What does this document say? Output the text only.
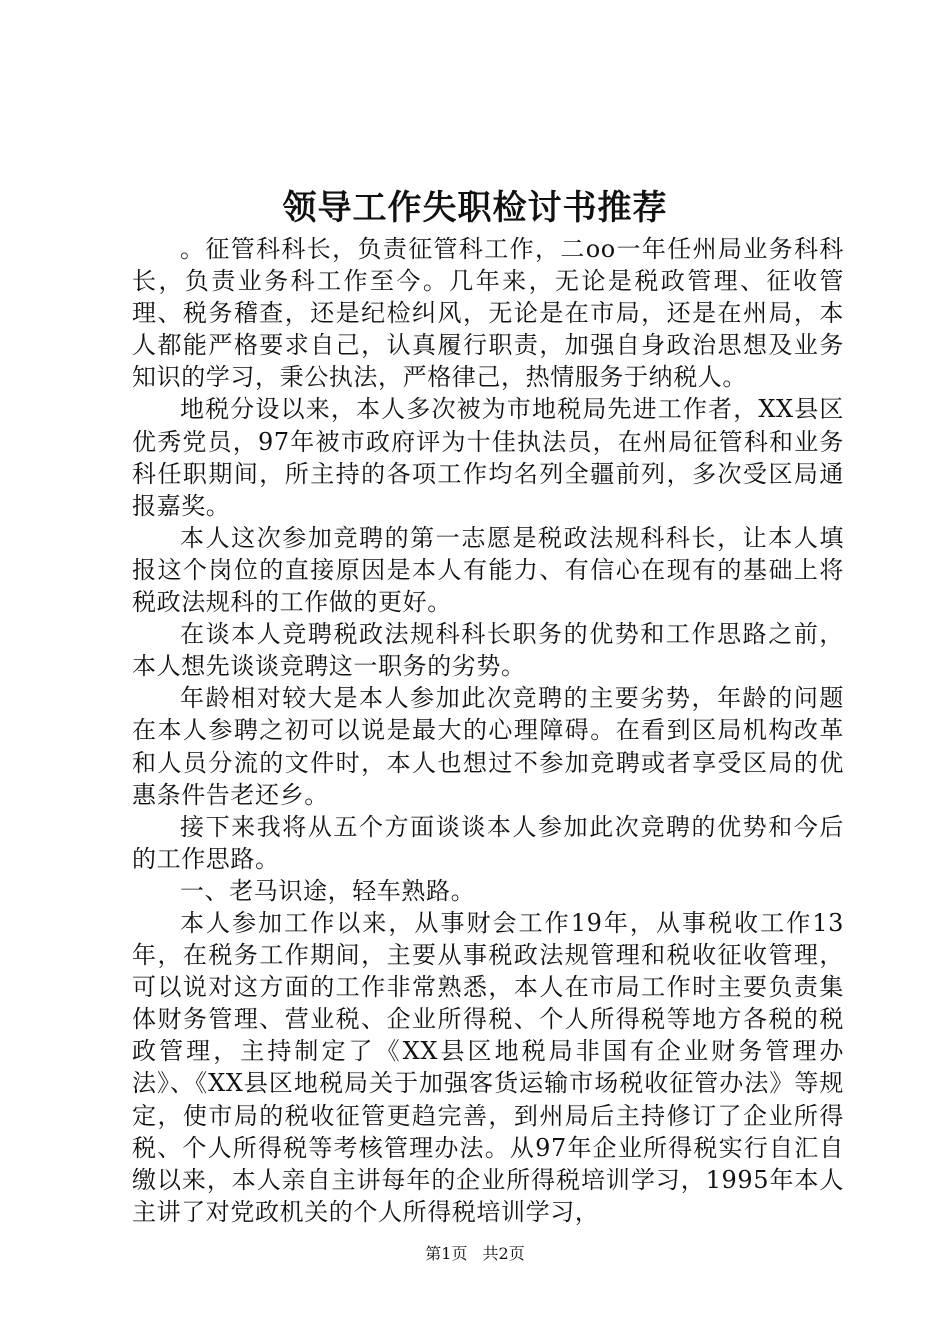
领导工作失职检讨书推荐

。征管科科长，负责征管科工作，二oo一年任州局业务科科长，负责业务科工作至今。几年来，无论是税政管理、征收管理、税务稽查，还是纪检纠风，无论是在市局，还是在州局，本人都能严格要求自己，认真履行职责，加强自身政治思想及业务知识的学习，秉公执法，严格律己，热情服务于纳税人。

地税分设以来，本人多次被为市地税局先进工作者，XX县区优秀党员，97年被市政府评为十佳执法员，在州局征管科和业务科任职期间，所主持的各项工作均名列全疆前列，多次受区局通报嘉奖。

本人这次参加竞聘的第一志愿是税政法规科科长，让本人填报这个岗位的直接原因是本人有能力、有信心在现有的基础上将税政法规科的工作做的更好。

在谈本人竞聘税政法规科科长职务的优势和工作思路之前，本人想先谈谈竞聘这一职务的劣势。

年龄相对较大是本人参加此次竞聘的主要劣势，年龄的问题在本人参聘之初可以说是最大的心理障碍。在看到区局机构改革和人员分流的文件时，本人也想过不参加竞聘或者享受区局的优惠条件告老还乡。

接下来我将从五个方面谈谈本人参加此次竞聘的优势和今后的工作思路。

一、老马识途，轻车熟路。

本人参加工作以来，从事财会工作19年，从事税收工作13年，在税务工作期间，主要从事税政法规管理和税收征收管理，可以说对这方面的工作非常熟悉，本人在市局工作时主要负责集体财务管理、营业税、企业所得税、个人所得税等地方各税的税政管理，主持制定了《XX县区地税局非国有企业财务管理办法》、《XX县区地税局关于加强客货运输市场税收征管办法》等规定，使市局的税收征管更趋完善，到州局后主持修订了企业所得税、个人所得税等考核管理办法。从97年企业所得税实行自汇自缴以来，本人亲自主讲每年的企业所得税培训学习，1995年本人主讲了对党政机关的个人所得税培训学习，

第1页 共2页
